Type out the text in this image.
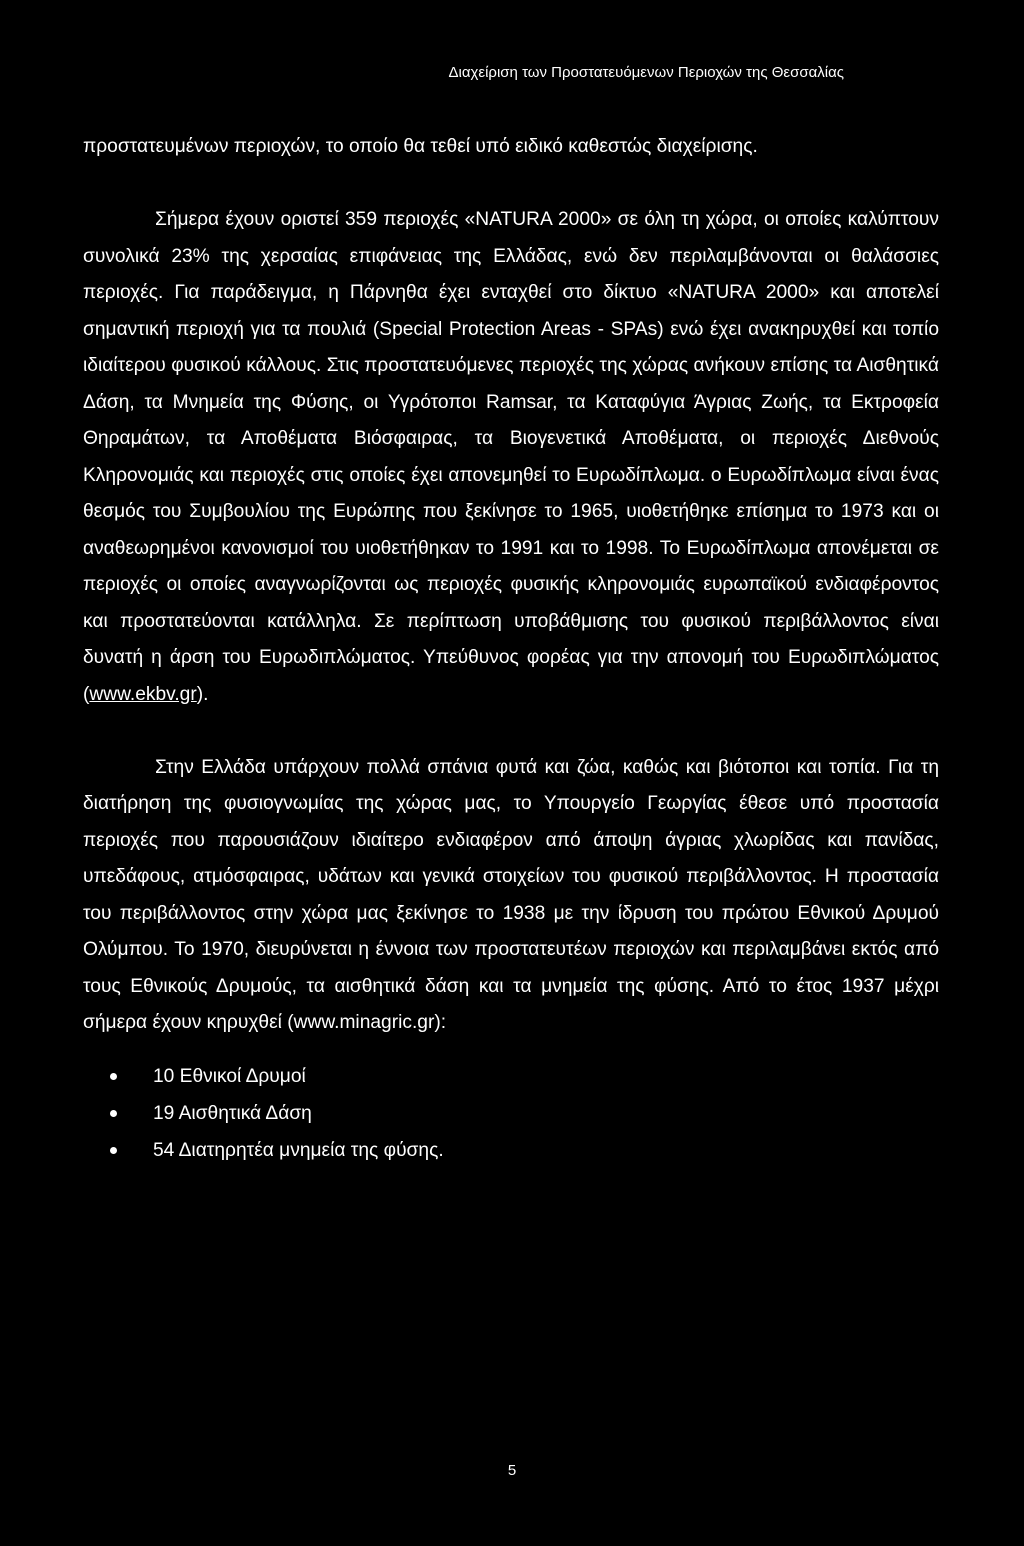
Διαχείριση των Προστατευόμενων Περιοχών της Θεσσαλίας

προστατευμένων περιοχών, το οποίο θα τεθεί υπό ειδικό καθεστώς διαχείρισης.

Σήμερα έχουν οριστεί 359 περιοχές «NATURA 2000» σε όλη τη χώρα, οι οποίες καλύπτουν συνολικά 23% της χερσαίας επιφάνειας της Ελλάδας, ενώ δεν περιλαμβάνονται οι θαλάσσιες περιοχές. Για παράδειγμα, η Πάρνηθα έχει ενταχθεί στο δίκτυο «NATURA 2000» και αποτελεί σημαντική περιοχή για τα πουλιά (Special Protection Areas - SPAs) ενώ έχει ανακηρυχθεί και τοπίο ιδιαίτερου φυσικού κάλλους. Στις προστατευόμενες περιοχές της χώρας ανήκουν επίσης τα Αισθητικά Δάση, τα Μνημεία της Φύσης, οι Υγρότοποι Ramsar, τα Καταφύγια Άγριας Ζωής, τα Εκτροφεία Θηραμάτων, τα Αποθέματα Βιόσφαιρας, τα Βιογενετικά Αποθέματα, οι περιοχές Διεθνούς Κληρονομιάς και περιοχές στις οποίες έχει απονεμηθεί το Ευρωδίπλωμα. ο Ευρωδίπλωμα είναι ένας θεσμός του Συμβουλίου της Ευρώπης που ξεκίνησε το 1965, υιοθετήθηκε επίσημα το 1973 και οι αναθεωρημένοι κανονισμοί του υιοθετήθηκαν το 1991 και το 1998. Το Ευρωδίπλωμα απονέμεται σε περιοχές οι οποίες αναγνωρίζονται ως περιοχές φυσικής κληρονομιάς ευρωπαϊκού ενδιαφέροντος και προστατεύονται κατάλληλα. Σε περίπτωση υποβάθμισης του φυσικού περιβάλλοντος είναι δυνατή η άρση του Ευρωδιπλώματος. Υπεύθυνος φορέας για την απονομή του Ευρωδιπλώματος (www.ekbv.gr).

Στην Ελλάδα υπάρχουν πολλά σπάνια φυτά και ζώα, καθώς και βιότοποι και τοπία. Για τη διατήρηση της φυσιογνωμίας της χώρας μας, το Υπουργείο Γεωργίας έθεσε υπό προστασία περιοχές που παρουσιάζουν ιδιαίτερο ενδιαφέρον από άποψη άγριας χλωρίδας και πανίδας, υπεδάφους, ατμόσφαιρας, υδάτων και γενικά στοιχείων του φυσικού περιβάλλοντος. Η προστασία του περιβάλλοντος στην χώρα μας ξεκίνησε το 1938 με την ίδρυση του πρώτου Εθνικού Δρυμού Ολύμπου. Το 1970, διευρύνεται η έννοια των προστατευτέων περιοχών και περιλαμβάνει εκτός από τους Εθνικούς Δρυμούς, τα αισθητικά δάση και τα μνημεία της φύσης. Από το έτος 1937 μέχρι σήμερα έχουν κηρυχθεί (www.minagric.gr):

10 Εθνικοί Δρυμοί
19 Αισθητικά Δάση
54 Διατηρητέα μνημεία της φύσης.
5
